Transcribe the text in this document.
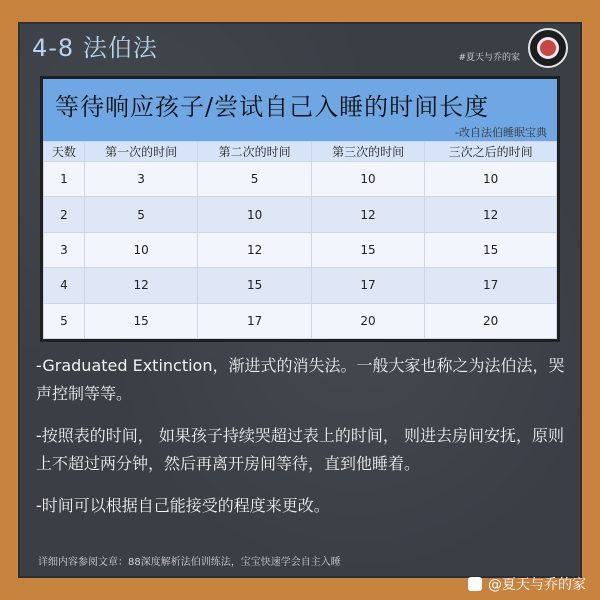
4-8 法伯法	#夏天与乔的家
等待响应孩子/尝试自己入睡的时间长度
-改自法伯睡眠宝典
天数	第一次的时间	第二次的时间	第三次的时间	三次之后的时间
1	3	5	10	10
2	5	10	12	12
3	10	12	15	15
4	12	15	17	17
5	15	17	20	20

-Graduated Extinction，渐进式的消失法。一般大家也称之为法伯法，哭声控制等等。

-按照表的时间， 如果孩子持续哭超过表上的时间， 则进去房间安抚，原则上不超过两分钟，然后再离开房间等待，直到他睡着。

-时间可以根据自己能接受的程度来更改。

详细内容参阅文章：88深度解析法伯训练法，宝宝快速学会自主入睡
@夏天与乔的家
